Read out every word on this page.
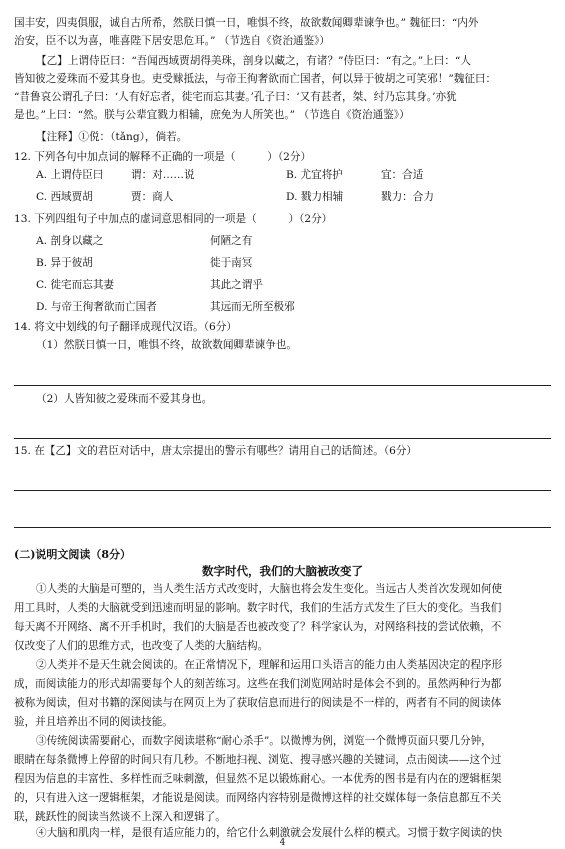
国丰安，四夷俱服，诚自古所希，然朕日慎一日，唯惧不终，故欲数闻卿辈谏争也。” 魏征曰：“内外
治安，臣不以为喜，唯喜陛下居安思危耳。” （节选自《资治通鉴》）
【乙】上谓侍臣曰：“吾闻西域贾胡得美珠，剖身以藏之，有诸？”侍臣曰：“有之。”上曰：“人
皆知彼之爱珠而不爱其身也。吏受赇抵法，与帝王徇奢欲而亡国者，何以异于彼胡之可笑邪！”魏征曰：
“昔鲁哀公谓孔子曰：‘人有好忘者，徙宅而忘其妻。’孔子曰：‘又有甚者，桀、纣乃忘其身。’亦犹
是也。”上曰：“然。朕与公辈宜戮力相辅，庶免为人所笑也。” （节选自《资治通鉴》）
【注释】①侻：（tǎng），倘若。
12. 下列各句中加点词的解释不正确的一项是（　　　）（2分）
A. 上谓侍臣曰	谓：对……说	B. 尤宜将护	宜：合适
C. 西域贾胡	贾：商人	D. 戮力相辅	戮力：合力
13. 下列四组句子中加点的虚词意思相同的一项是（　　　）（2分）
A. 剖身以藏之	何陋之有
B. 异于彼胡	徙于南冥
C. 徙宅而忘其妻	其此之谓乎
D. 与帝王徇奢欲而亡国者	其远而无所至极邪
14. 将文中划线的句子翻译成现代汉语。（6分）
（1）然朕日慎一日，唯惧不终，故欲数闻卿辈谏争也。
（2）人皆知彼之爱珠而不爱其身也。
15. 在【乙】文的君臣对话中，唐太宗提出的警示有哪些？请用自己的话简述。（6分）
(二)说明文阅读（8分）
数字时代，我们的大脑被改变了
①人类的大脑是可塑的，当人类生活方式改变时，大脑也将会发生变化。当远古人类首次发现如何使
用工具时，人类的大脑就受到迅速而明显的影响。数字时代，我们的生活方式发生了巨大的变化。当我们
每天离不开网络、离不开手机时，我们的大脑是否也被改变了？科学家认为，对网络科技的尝试依赖，不
仅改变了人们的思维方式，也改变了人类的大脑结构。
②人类并不是天生就会阅读的。在正常情况下，理解和运用口头语言的能力由人类基因决定的程序形
成，而阅读能力的形式却需要每个人的刻苦练习。这些在我们浏览网站时是体会不到的。虽然两种行为都
被称为阅读，但对书籍的深阅读与在网页上为了获取信息而进行的阅读是不一样的，两者有不同的阅读体
验，并且培养出不同的阅读技能。
③传统阅读需要耐心，而数字阅读堪称“耐心杀手”。以微博为例，浏览一个微博页面只要几分钟，
眼睛在每条微博上停留的时间只有几秒。不断地扫视、浏览、搜寻感兴趣的关键词，点击阅读——这个过
程因为信息的丰富性、多样性而乏味刺激，但显然不足以锻炼耐心。一本优秀的图书是有内在的逻辑框架
的，只有进入这一逻辑框架，才能说是阅读。而网络内容特别是微博这样的社交媒体每一条信息都互不关
联，跳跃性的阅读当然谈不上深入和逻辑了。
④大脑和肌肉一样，是很有适应能力的，给它什么刺激就会发展什么样的模式。习惯于数字阅读的快
4
